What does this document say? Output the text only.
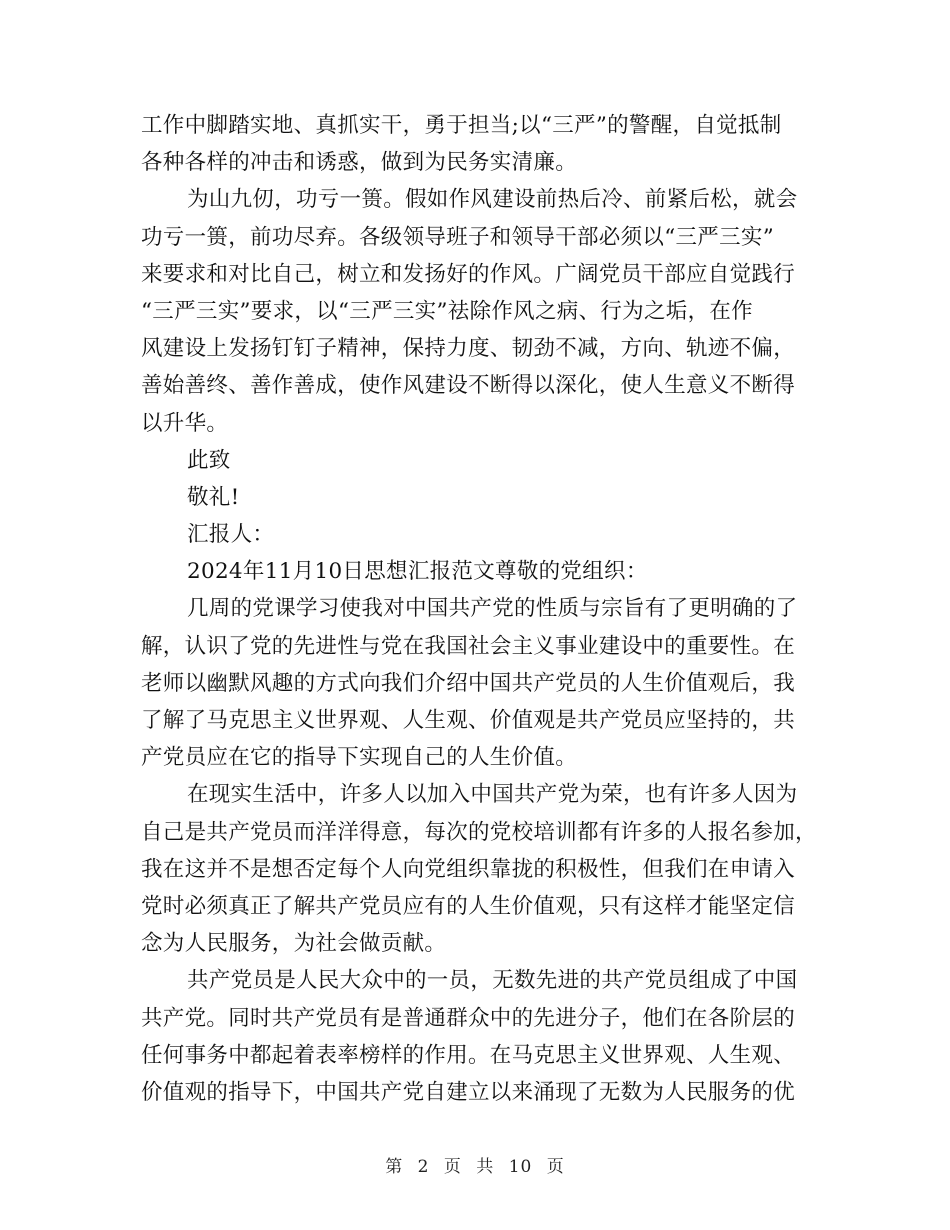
工作中脚踏实地、真抓实干，勇于担当;以“三严”的警醒，自觉抵制
各种各样的冲击和诱惑，做到为民务实清廉。
为山九仞，功亏一篑。假如作风建设前热后冷、前紧后松，就会
功亏一篑，前功尽弃。各级领导班子和领导干部必须以“三严三实”
来要求和对比自己，树立和发扬好的作风。广阔党员干部应自觉践行
“三严三实”要求，以“三严三实”祛除作风之病、行为之垢，在作
风建设上发扬钉钉子精神，保持力度、韧劲不减，方向、轨迹不偏，
善始善终、善作善成，使作风建设不断得以深化，使人生意义不断得
以升华。
此致
敬礼!
汇报人：
2024年11月10日思想汇报范文尊敬的党组织：
几周的党课学习使我对中国共产党的性质与宗旨有了更明确的了
解，认识了党的先进性与党在我国社会主义事业建设中的重要性。在
老师以幽默风趣的方式向我们介绍中国共产党员的人生价值观后，我
了解了马克思主义世界观、人生观、价值观是共产党员应坚持的，共
产党员应在它的指导下实现自己的人生价值。
在现实生活中，许多人以加入中国共产党为荣，也有许多人因为
自己是共产党员而洋洋得意，每次的党校培训都有许多的人报名参加，
我在这并不是想否定每个人向党组织靠拢的积极性，但我们在申请入
党时必须真正了解共产党员应有的人生价值观，只有这样才能坚定信
念为人民服务，为社会做贡献。
共产党员是人民大众中的一员，无数先进的共产党员组成了中国
共产党。同时共产党员有是普通群众中的先进分子，他们在各阶层的
任何事务中都起着表率榜样的作用。在马克思主义世界观、人生观、
价值观的指导下，中国共产党自建立以来涌现了无数为人民服务的优
第 2 页 共 10 页
